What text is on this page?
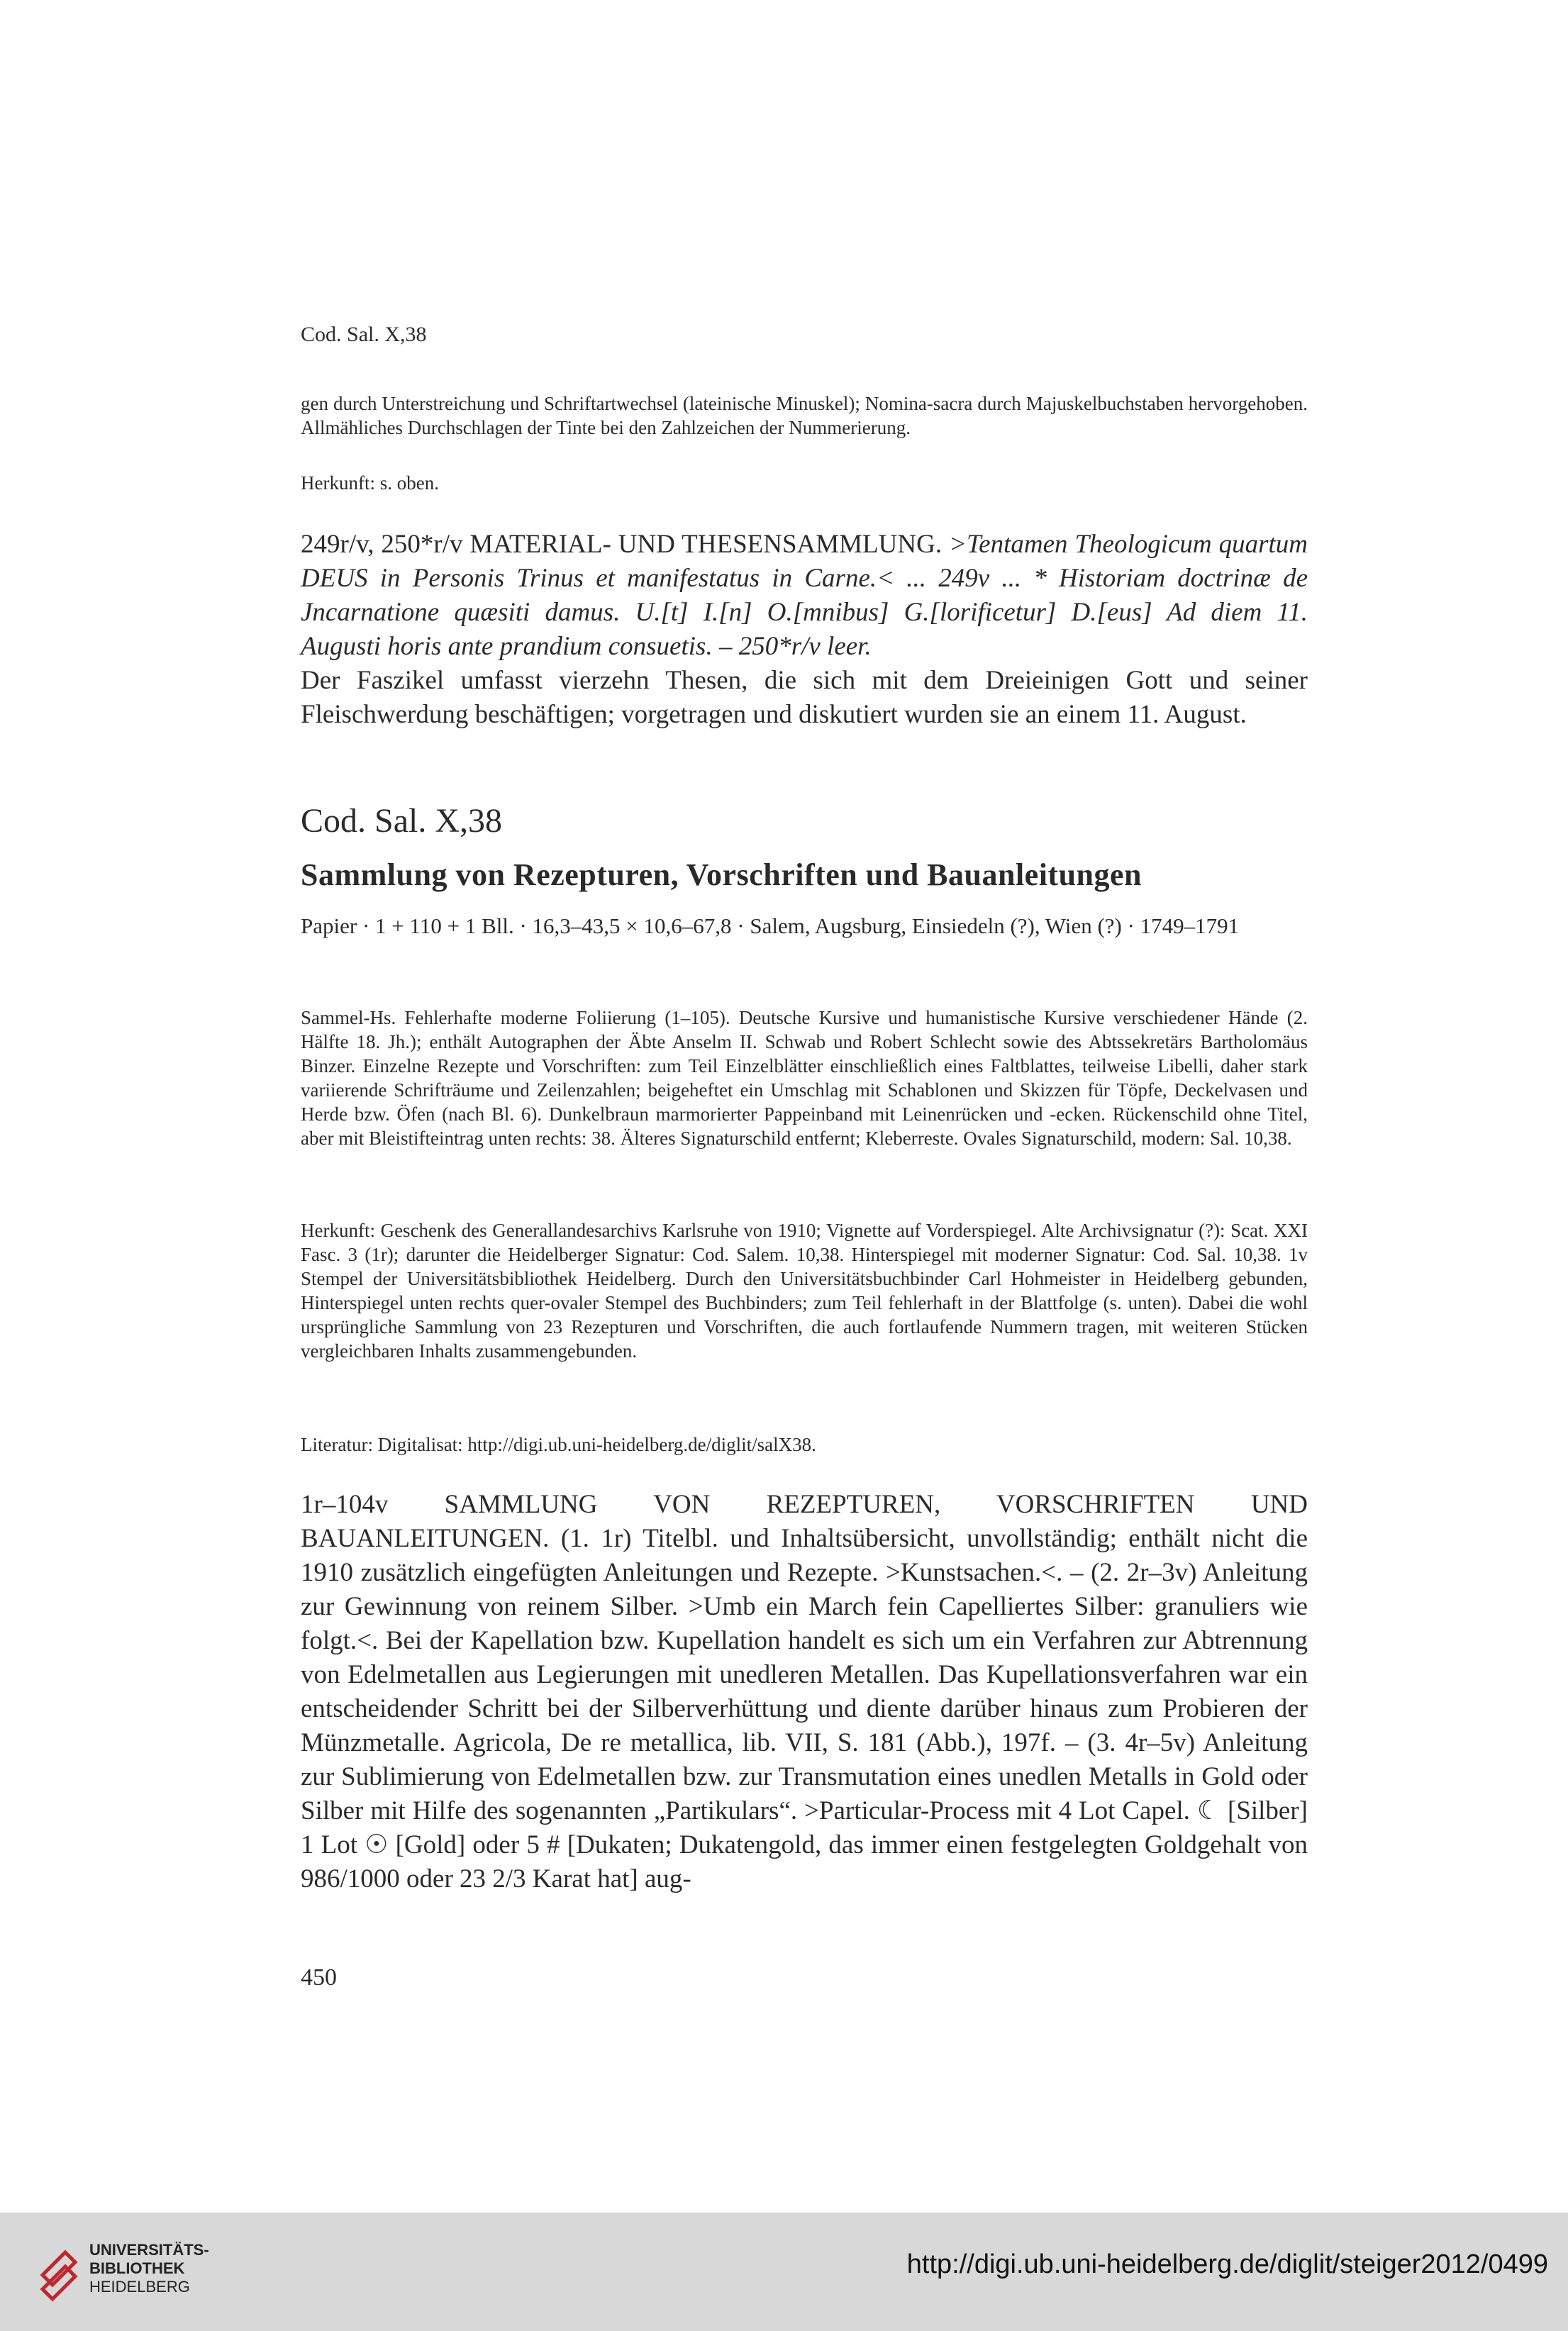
Cod. Sal. X,38

gen durch Unterstreichung und Schriftartwechsel (lateinische Minuskel); Nomina-sacra durch Majuskelbuchstaben hervorgehoben. Allmähliches Durchschlagen der Tinte bei den Zahlzeichen der Nummerierung.

Herkunft: s. oben.

249r/v, 250*r/v MATERIAL- UND THESENSAMMLUNG. >Tentamen Theologicum quartum DEUS in Personis Trinus et manifestatus in Carne.< ... 249v ... * Historiam doctrinæ de Jncarnatione quæsiti damus. U.[t] I.[n] O.[mnibus] G.[lorificetur] D.[eus] Ad diem 11. Augusti horis ante prandium consuetis. – 250*r/v leer.

Der Faszikel umfasst vierzehn Thesen, die sich mit dem Dreieinigen Gott und seiner Fleischwerdung beschäftigen; vorgetragen und diskutiert wurden sie an einem 11. August.

Cod. Sal. X,38
Sammlung von Rezepturen, Vorschriften und Bauanleitungen
Papier · 1 + 110 + 1 Bll. · 16,3–43,5 × 10,6–67,8 · Salem, Augsburg, Einsiedeln (?), Wien (?) · 1749–1791

Sammel-Hs. Fehlerhafte moderne Foliierung (1–105). Deutsche Kursive und humanistische Kursive verschiedener Hände (2. Hälfte 18. Jh.); enthält Autographen der Äbte Anselm II. Schwab und Robert Schlecht sowie des Abtssekretärs Bartholomäus Binzer. Einzelne Rezepte und Vorschriften: zum Teil Einzelblätter einschließlich eines Faltblattes, teilweise Libelli, daher stark variierende Schrifträume und Zeilenzahlen; beigeheftet ein Umschlag mit Schablonen und Skizzen für Töpfe, Deckelvasen und Herde bzw. Öfen (nach Bl. 6). Dunkelbraun marmorierter Pappeinband mit Leinenrücken und -ecken. Rückenschild ohne Titel, aber mit Bleistifteintrag unten rechts: 38. Älteres Signaturschild entfernt; Kleberreste. Ovales Signaturschild, modern: Sal. 10,38.

Herkunft: Geschenk des Generallandesarchivs Karlsruhe von 1910; Vignette auf Vorderspiegel. Alte Archivsignatur (?): Scat. XXI Fasc. 3 (1r); darunter die Heidelberger Signatur: Cod. Salem. 10,38. Hinterspiegel mit moderner Signatur: Cod. Sal. 10,38. 1v Stempel der Universitätsbibliothek Heidelberg. Durch den Universitätsbuchbinder Carl Hohmeister in Heidelberg gebunden, Hinterspiegel unten rechts quer-ovaler Stempel des Buchbinders; zum Teil fehlerhaft in der Blattfolge (s. unten). Dabei die wohl ursprüngliche Sammlung von 23 Rezepturen und Vorschriften, die auch fortlaufende Nummern tragen, mit weiteren Stücken vergleichbaren Inhalts zusammengebunden.

Literatur: Digitalisat: http://digi.ub.uni-heidelberg.de/diglit/salX38.

1r–104v SAMMLUNG VON REZEPTUREN, VORSCHRIFTEN UND BAUANLEITUNGEN. (1. 1r) Titelbl. und Inhaltsübersicht, unvollständig; enthält nicht die 1910 zusätzlich eingefügten Anleitungen und Rezepte. >Kunstsachen.<. – (2. 2r–3v) Anleitung zur Gewinnung von reinem Silber. >Umb ein March fein Capelliertes Silber: granuliers wie folgt.<. Bei der Kapellation bzw. Kupellation handelt es sich um ein Verfahren zur Abtrennung von Edelmetallen aus Legierungen mit unedleren Metallen. Das Kupellationsverfahren war ein entscheidender Schritt bei der Silberverhüttung und diente darüber hinaus zum Probieren der Münzmetalle. Agricola, De re metallica, lib. VII, S. 181 (Abb.), 197f. – (3. 4r–5v) Anleitung zur Sublimierung von Edelmetallen bzw. zur Transmutation eines unedlen Metalls in Gold oder Silber mit Hilfe des sogenannten „Partikulars“. >Particular-Process mit 4 Lot Capel. ☾ [Silber] 1 Lot ☉ [Gold] oder 5 # [Dukaten; Dukatengold, das immer einen festgelegten Goldgehalt von 986/1000 oder 23 2/3 Karat hat] aug-

450
UNIVERSITÄTS-
BIBLIOTHEK
HEIDELBERG
http://digi.ub.uni-heidelberg.de/diglit/steiger2012/0499
